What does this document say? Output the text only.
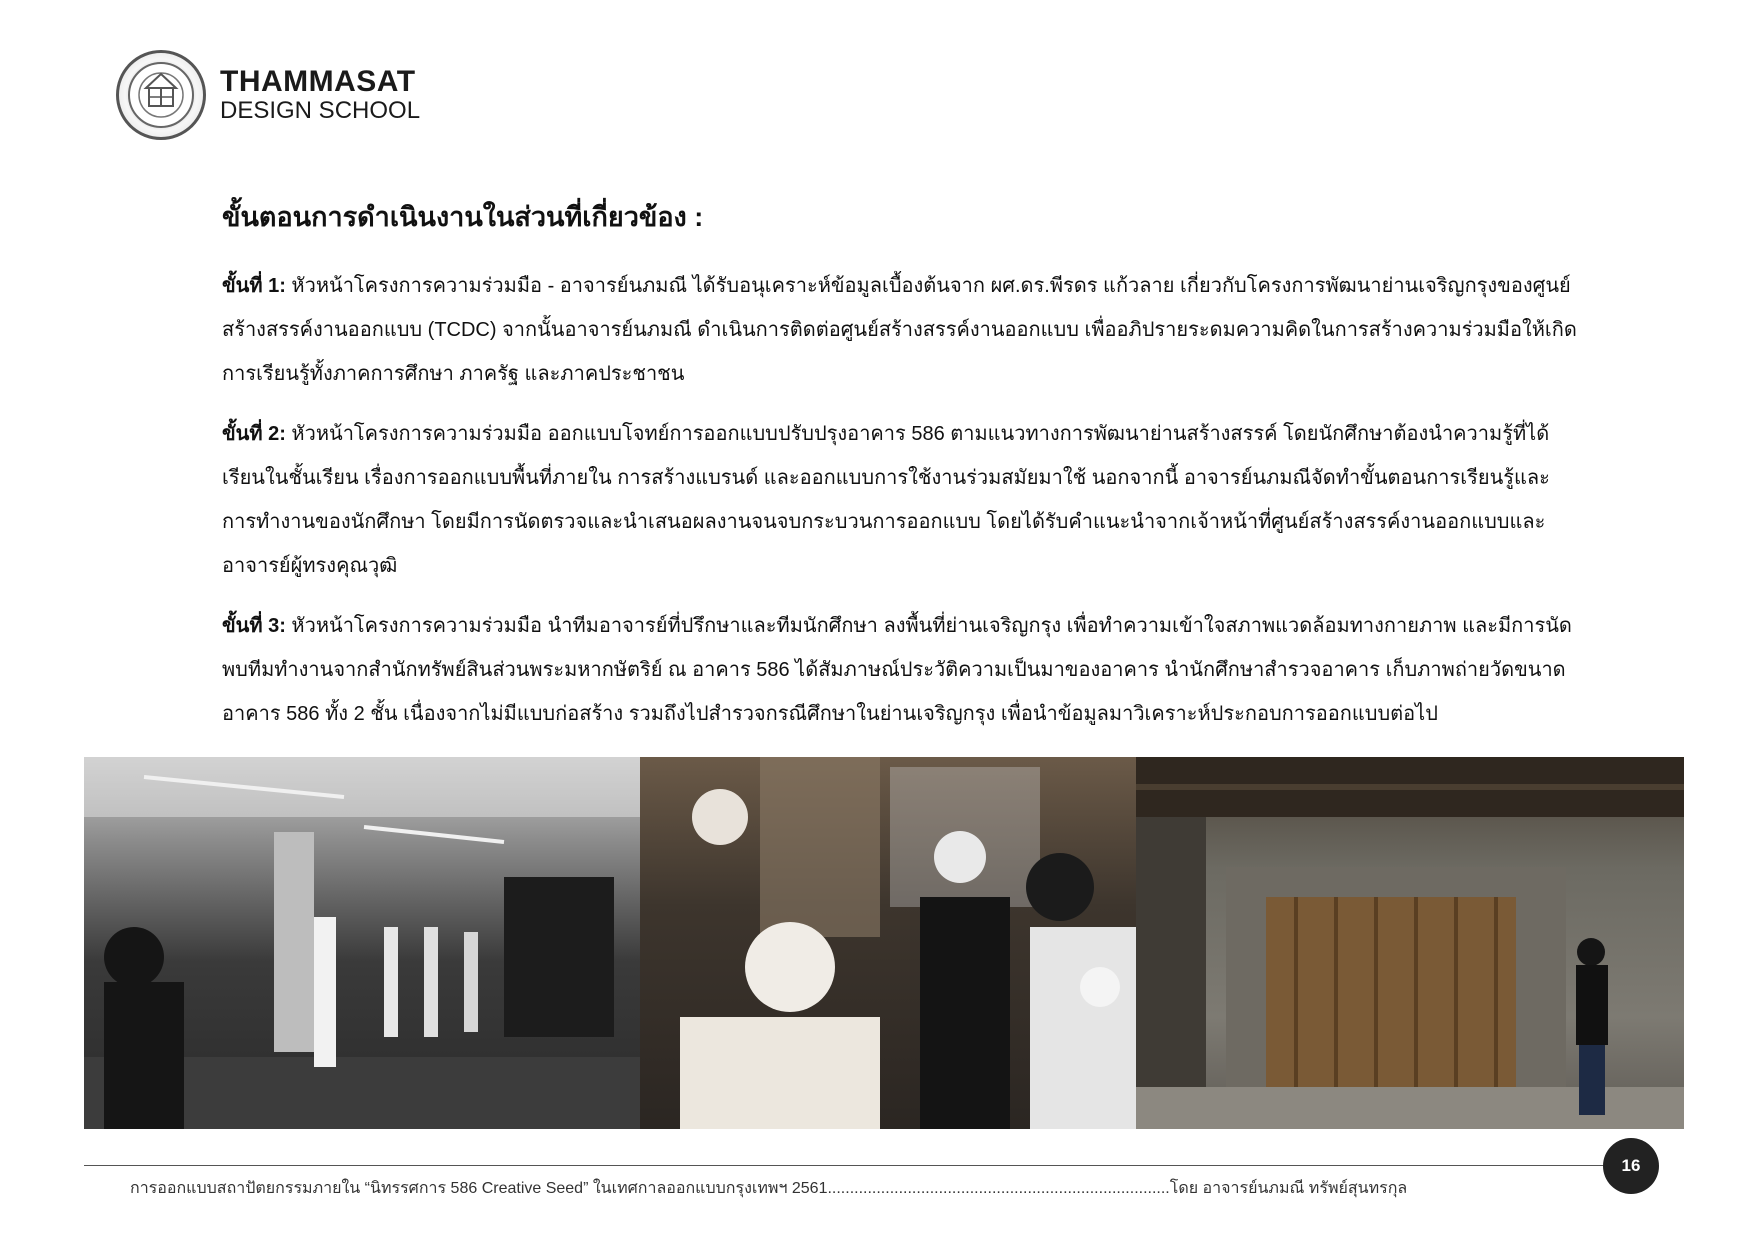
THAMMASAT
DESIGN SCHOOL
ขั้นตอนการดำเนินงานในส่วนที่เกี่ยวข้อง :

ขั้นที่ 1: หัวหน้าโครงการความร่วมมือ - อาจารย์นภมณี ได้รับอนุเคราะห์ข้อมูลเบื้องต้นจาก ผศ.ดร.พีรดร แก้วลาย เกี่ยวกับโครงการพัฒนาย่านเจริญกรุงของศูนย์สร้างสรรค์งานออกแบบ (TCDC) จากนั้นอาจารย์นภมณี ดำเนินการติดต่อศูนย์สร้างสรรค์งานออกแบบ เพื่ออภิปรายระดมความคิดในการสร้างความร่วมมือให้เกิดการเรียนรู้ทั้งภาคการศึกษา ภาครัฐ และภาคประชาชน

ขั้นที่ 2: หัวหน้าโครงการความร่วมมือ ออกแบบโจทย์การออกแบบปรับปรุงอาคาร 586 ตามแนวทางการพัฒนาย่านสร้างสรรค์ โดยนักศึกษาต้องนำความรู้ที่ได้เรียนในชั้นเรียน เรื่องการออกแบบพื้นที่ภายใน การสร้างแบรนด์ และออกแบบการใช้งานร่วมสมัยมาใช้ นอกจากนี้ อาจารย์นภมณีจัดทำขั้นตอนการเรียนรู้และการทำงานของนักศึกษา โดยมีการนัดตรวจและนำเสนอผลงานจนจบกระบวนการออกแบบ โดยได้รับคำแนะนำจากเจ้าหน้าที่ศูนย์สร้างสรรค์งานออกแบบและอาจารย์ผู้ทรงคุณวุฒิ

ขั้นที่ 3: หัวหน้าโครงการความร่วมมือ นำทีมอาจารย์ที่ปรึกษาและทีมนักศึกษา ลงพื้นที่ย่านเจริญกรุง เพื่อทำความเข้าใจสภาพแวดล้อมทางกายภาพ และมีการนัดพบทีมทำงานจากสำนักทรัพย์สินส่วนพระมหากษัตริย์ ณ อาคาร 586 ได้สัมภาษณ์ประวัติความเป็นมาของอาคาร นำนักศึกษาสำรวจอาคาร เก็บภาพถ่ายวัดขนาดอาคาร 586 ทั้ง 2 ชั้น เนื่องจากไม่มีแบบก่อสร้าง รวมถึงไปสำรวจกรณีศึกษาในย่านเจริญกรุง เพื่อนำข้อมูลมาวิเคราะห์ประกอบการออกแบบต่อไป

การออกแบบสถาปัตยกรรมภายใน “นิทรรศการ 586 Creative Seed” ในเทศกาลออกแบบกรุงเทพฯ 2561.............................................................................โดย อาจารย์นภมณี ทรัพย์สุนทรกุล
16
